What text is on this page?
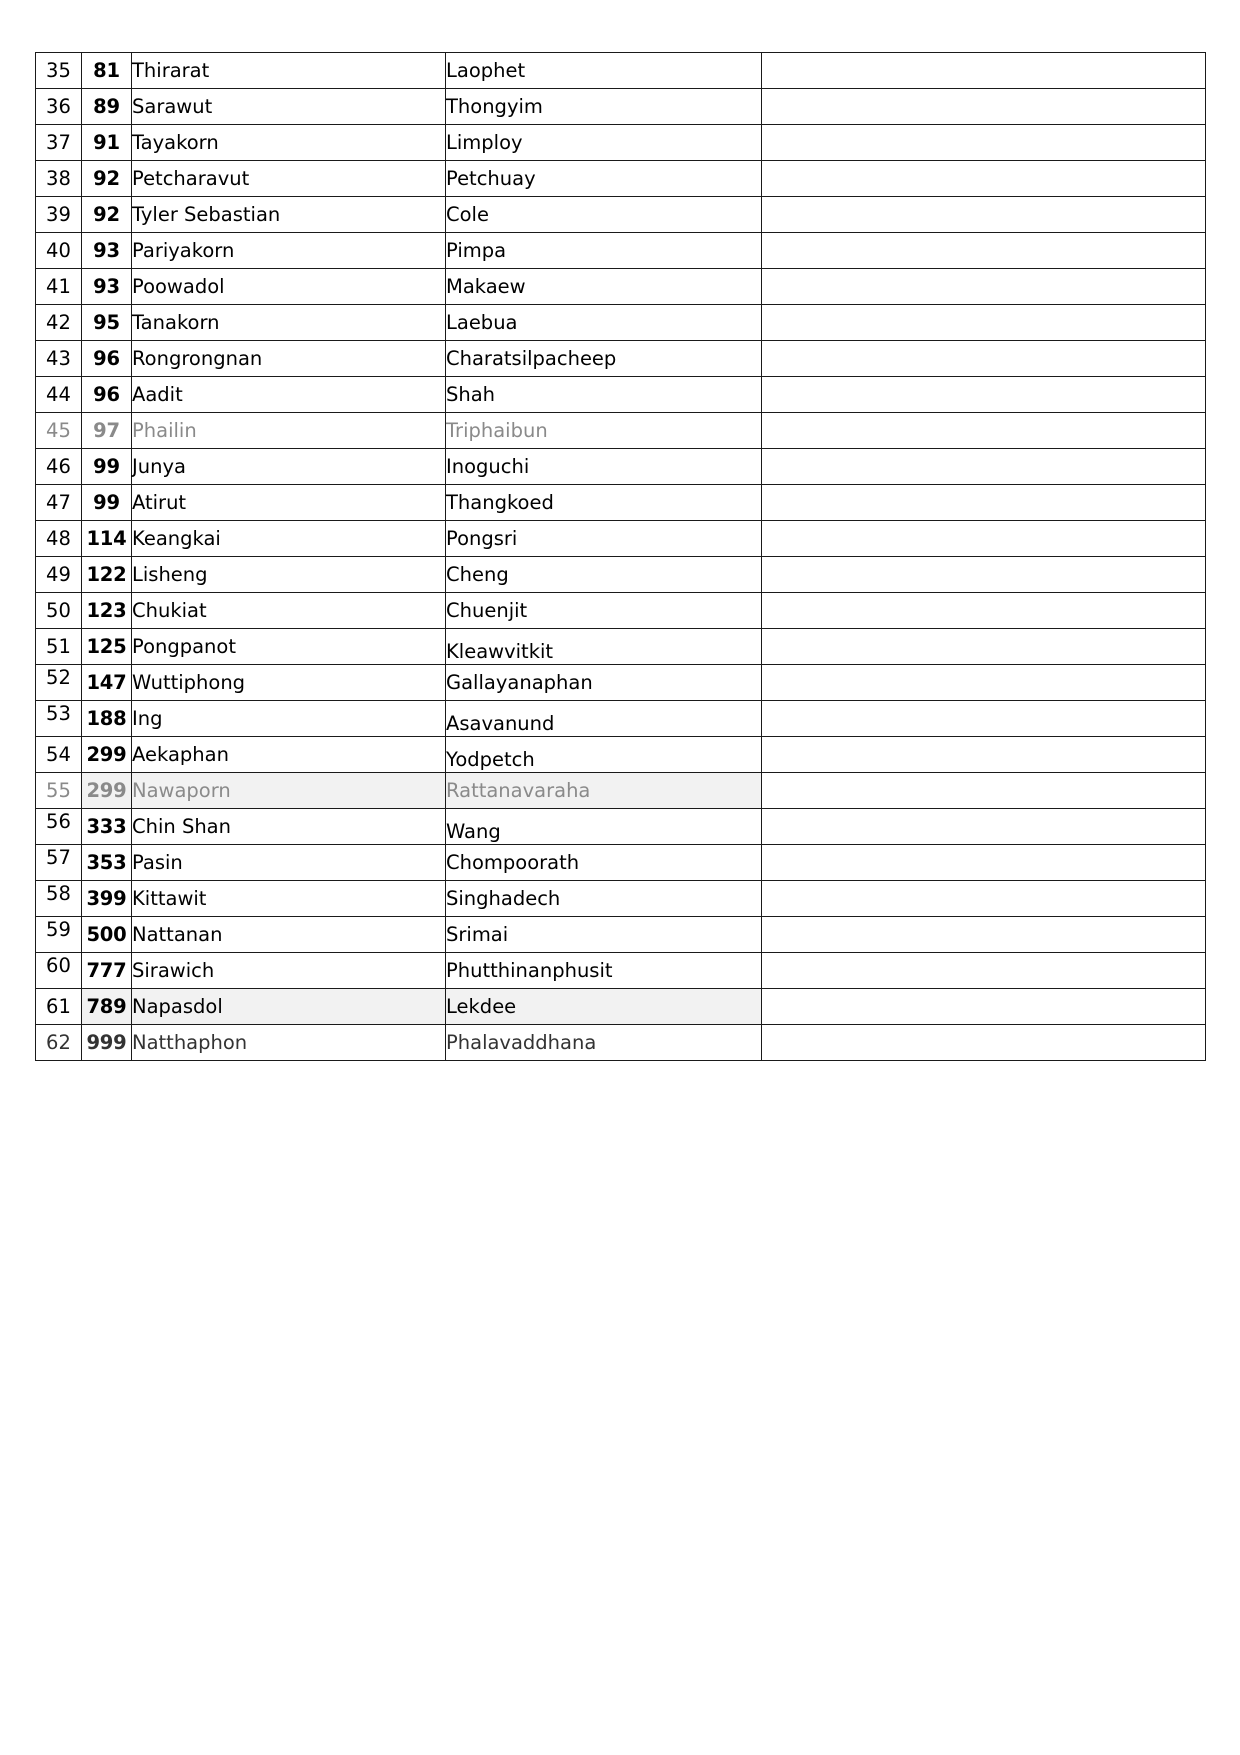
35	81	Thirarat	Laophet	
36	89	Sarawut	Thongyim	
37	91	Tayakorn	Limploy	
38	92	Petcharavut	Petchuay	
39	92	Tyler Sebastian	Cole	
40	93	Pariyakorn	Pimpa	
41	93	Poowadol	Makaew	
42	95	Tanakorn	Laebua	
43	96	Rongrongnan	Charatsilpacheep	
44	96	Aadit	Shah	
45	97	Phailin	Triphaibun	
46	99	Junya	Inoguchi	
47	99	Atirut	Thangkoed	
48	114	Keangkai	Pongsri	
49	122	Lisheng	Cheng	
50	123	Chukiat	Chuenjit	
51	125	Pongpanot	Kleawvitkit	
52	147	Wuttiphong	Gallayanaphan	
53	188	Ing	Asavanund	
54	299	Aekaphan	Yodpetch	
55	299	Nawaporn	Rattanavaraha	
56	333	Chin Shan	Wang	
57	353	Pasin	Chompoorath	
58	399	Kittawit	Singhadech	
59	500	Nattanan	Srimai	
60	777	Sirawich	Phutthinanphusit	
61	789	Napasdol	Lekdee	
62	999	Natthaphon	Phalavaddhana	
